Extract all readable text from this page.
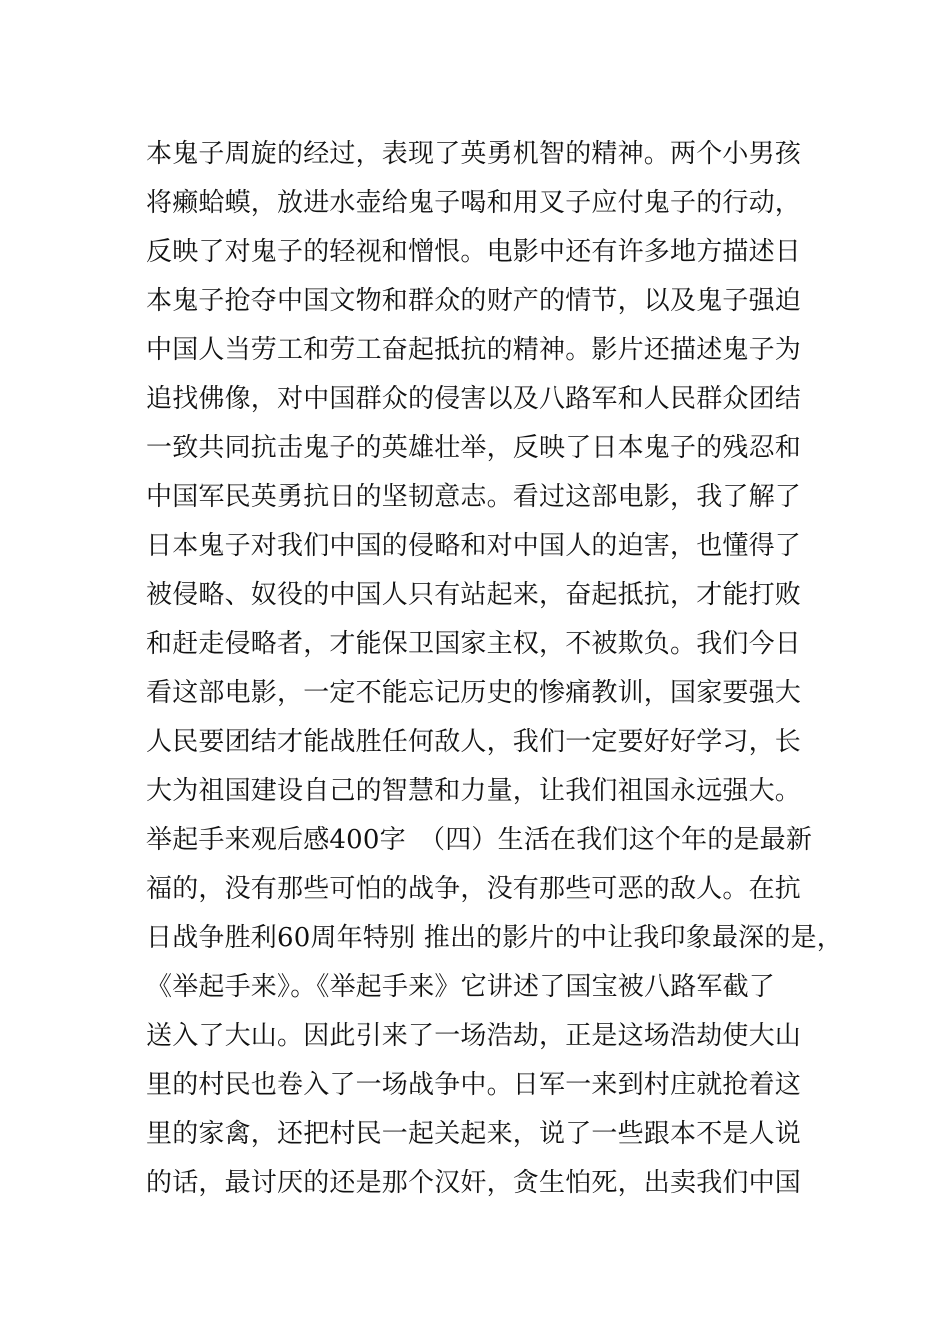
本鬼子周旋的经过，表现了英勇机智的精神。两个小男孩
将癞蛤蟆，放进水壶给鬼子喝和用叉子应付鬼子的行动，
反映了对鬼子的轻视和憎恨。电影中还有许多地方描述日
本鬼子抢夺中国文物和群众的财产的情节，以及鬼子强迫
中国人当劳工和劳工奋起抵抗的精神。影片还描述鬼子为
追找佛像，对中国群众的侵害以及八路军和人民群众团结
一致共同抗击鬼子的英雄壮举，反映了日本鬼子的残忍和
中国军民英勇抗日的坚韧意志。看过这部电影，我了解了
日本鬼子对我们中国的侵略和对中国人的迫害，也懂得了
被侵略、奴役的中国人只有站起来，奋起抵抗，才能打败
和赶走侵略者，才能保卫国家主权，不被欺负。我们今日
看这部电影，一定不能忘记历史的惨痛教训，国家要强大
人民要团结才能战胜任何敌人，我们一定要好好学习，长
大为祖国建设自己的智慧和力量，让我们祖国永远强大。
举起手来观后感400字　（四）生活在我们这个年的是最新
福的，没有那些可怕的战争，没有那些可恶的敌人。在抗
日战争胜利60周年特别 推出的影片的中让我印象最深的是，
《举起手来》。《举起手来》它讲述了国宝被八路军截了
送入了大山。因此引来了一场浩劫，正是这场浩劫使大山
里的村民也卷入了一场战争中。日军一来到村庄就抢着这
里的家禽，还把村民一起关起来，说了一些跟本不是人说
的话，最讨厌的还是那个汉奸，贪生怕死，出卖我们中国
